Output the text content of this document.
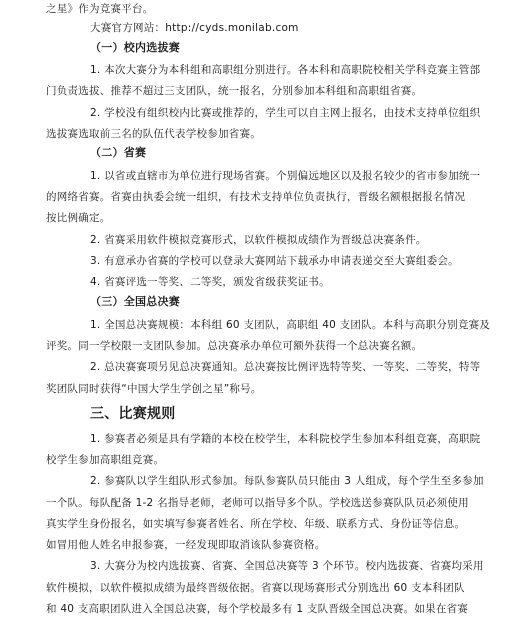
之星》作为竞赛平台。
大赛官方网站：http://cyds.monilab.com
（一）校内选拔赛
1. 本次大赛分为本科组和高职组分别进行。各本科和高职院校相关学科竞赛主管部
门负责选拔、推荐不超过三支团队，统一报名，分别参加本科组和高职组省赛。
2. 学校没有组织校内比赛或推荐的，学生可以自主网上报名，由技术支持单位组织
选拔赛选取前三名的队伍代表学校参加省赛。
（二）省赛
1. 以省或直辖市为单位进行现场省赛。个别偏远地区以及报名较少的省市参加统一
的网络省赛。省赛由执委会统一组织，有技术支持单位负责执行，晋级名额根据报名情况
按比例确定。
2. 省赛采用软件模拟竞赛形式，以软件模拟成绩作为晋级总决赛条件。
3. 有意承办省赛的学校可以登录大赛网站下载承办申请表递交至大赛组委会。
4. 省赛评选一等奖、二等奖，颁发省级获奖证书。
（三）全国总决赛
1. 全国总决赛规模：本科组 60 支团队，高职组 40 支团队。本科与高职分别竞赛及
评奖。同一学校限一支团队参加。总决赛承办单位可额外获得一个总决赛名额。
2. 总决赛赛项另见总决赛通知。总决赛按比例评选特等奖、一等奖、二等奖，特等
奖团队同时获得“中国大学生学创之星”称号。
三、比赛规则
1. 参赛者必须是具有学籍的本校在校学生，本科院校学生参加本科组竞赛，高职院
校学生参加高职组竞赛。
2. 参赛队以学生组队形式参加。每队参赛队员只能由 3 人组成，每个学生至多参加
一个队。每队配备 1-2 名指导老师，老师可以指导多个队。学校选送参赛队队员必须使用
真实学生身份报名，如实填写参赛者姓名、所在学校、年级、联系方式、身份证等信息。
如冒用他人姓名申报参赛，一经发现即取消该队参赛资格。
3. 大赛分为校内选拔赛、省赛、全国总决赛等 3 个环节。校内选拔赛、省赛均采用
软件模拟，以软件模拟成绩为最终晋级依据。省赛以现场赛形式分别选出 60 支本科团队
和 40 支高职团队进入全国总决赛，每个学校最多有 1 支队晋级全国总决赛。如果在省赛
